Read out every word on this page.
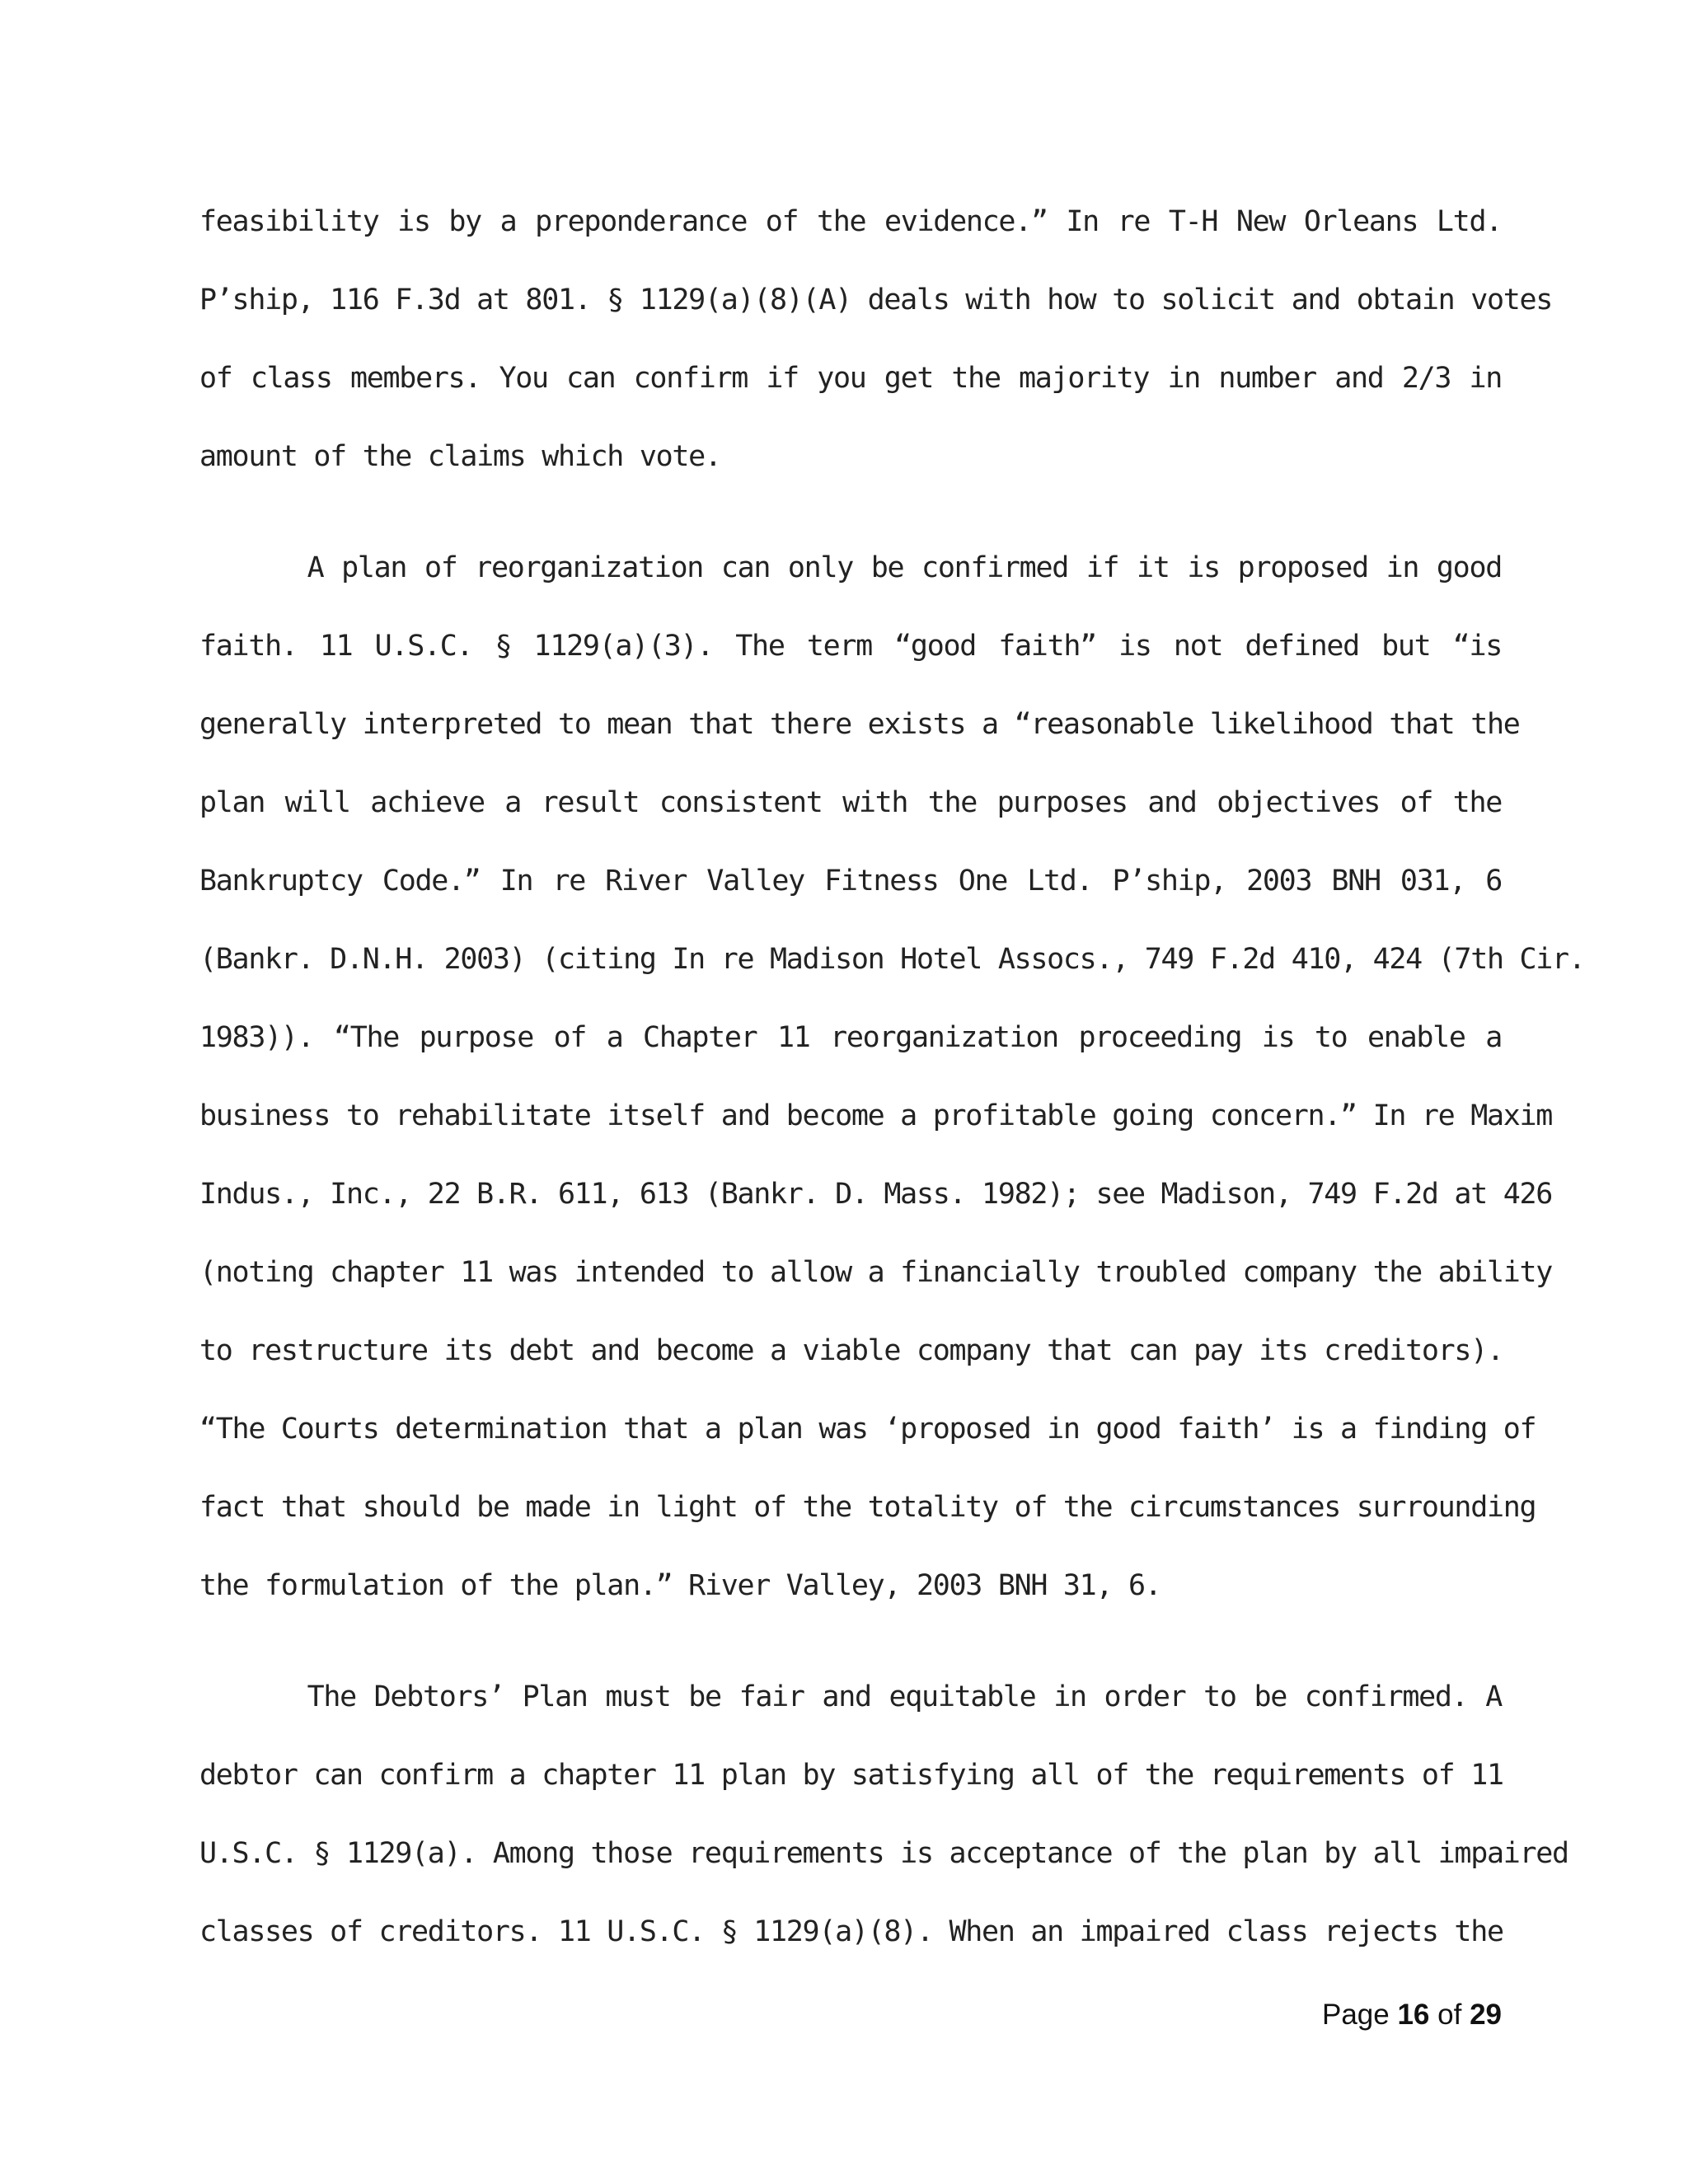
feasibility is by a preponderance of the evidence.” In re T-H New Orleans Ltd.
P’ship, 116 F.3d at 801. § 1129(a)(8)(A) deals with how to solicit and obtain votes
of class members. You can confirm if you get the majority in number and 2/3 in
amount of the claims which vote.
A plan of reorganization can only be confirmed if it is proposed in good
faith. 11 U.S.C. § 1129(a)(3). The term “good faith” is not defined but “is
generally interpreted to mean that there exists a “reasonable likelihood that the
plan will achieve a result consistent with the purposes and objectives of the
Bankruptcy Code.” In re River Valley Fitness One Ltd. P’ship, 2003 BNH 031, 6
(Bankr. D.N.H. 2003) (citing In re Madison Hotel Assocs., 749 F.2d 410, 424 (7th Cir.
1983)). “The purpose of a Chapter 11 reorganization proceeding is to enable a
business to rehabilitate itself and become a profitable going concern.” In re Maxim
Indus., Inc., 22 B.R. 611, 613 (Bankr. D. Mass. 1982); see Madison, 749 F.2d at 426
(noting chapter 11 was intended to allow a financially troubled company the ability
to restructure its debt and become a viable company that can pay its creditors).
“The Courts determination that a plan was ‘proposed in good faith’ is a finding of
fact that should be made in light of the totality of the circumstances surrounding
the formulation of the plan.” River Valley, 2003 BNH 31, 6.
The Debtors’ Plan must be fair and equitable in order to be confirmed. A
debtor can confirm a chapter 11 plan by satisfying all of the requirements of 11
U.S.C. § 1129(a). Among those requirements is acceptance of the plan by all impaired
classes of creditors. 11 U.S.C. § 1129(a)(8). When an impaired class rejects the
Page 16 of 29
